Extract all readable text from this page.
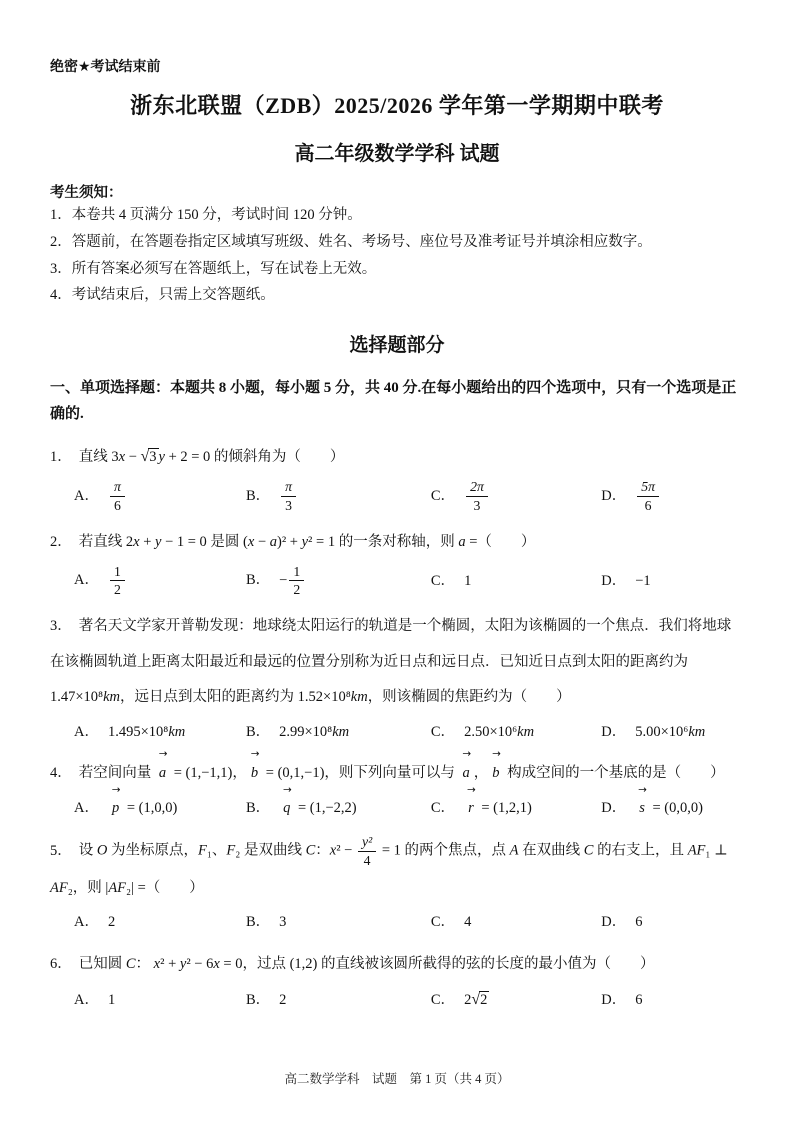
绝密★考试结束前
浙东北联盟（ZDB）2025/2026 学年第一学期期中联考
高二年级数学学科 试题
考生须知：
1．本卷共 4 页满分 150 分，考试时间 120 分钟。
2．答题前，在答题卷指定区域填写班级、姓名、考场号、座位号及准考证号并填涂相应数字。
3．所有答案必须写在答题纸上，写在试卷上无效。
4．考试结束后，只需上交答题纸。
选择题部分
一、单项选择题：本题共 8 小题，每小题 5 分，共 40 分.在每小题给出的四个选项中，只有一个选项是正确的.
1． 直线 3x − √3 y + 2 = 0 的倾斜角为（　　）
A． $\frac{\pi}{6}$	B． $\frac{\pi}{3}$	C． $\frac{2\pi}{3}$	D． $\frac{5\pi}{6}$
2． 若直线 2x + y − 1 = 0 是圆 (x − a)² + y² = 1 的一条对称轴，则 a =（　　）
A． $\frac{1}{2}$	B． − $\frac{1}{2}$	C． 1	D． −1
3． 著名天文学家开普勒发现：地球绕太阳运行的轨道是一个椭圆，太阳为该椭圆的一个焦点．我们将地球在该椭圆轨道上距离太阳最近和最远的位置分别称为近日点和远日点．已知近日点到太阳的距离约为 1.47×10⁸km，远日点到太阳的距离约为 1.52×10⁸km，则该椭圆的焦距约为（　　）
A． 1.495×10⁸km	B． 2.99×10⁸km	C． 2.50×10⁶km	D． 5.00×10⁶km
4． 若空间向量
→
a = (1,−1,1)，
→
b = (0,1,−1)，则下列向量可以与
→
a ，
→
b 构成空间的一个基底的是（　　）
A．
→
p = (1,0,0)	B．
→
q = (1,−2,2)	C．
→
r = (1,2,1)	D．
→
s = (0,0,0)
5． 设 O 为坐标原点，F₁、F₂ 是双曲线 C：$x^2 - \frac{\text{y²}}{4} = 1$ 的两个焦点，点 A 在双曲线 C 的右支上，且 AF₁ ⊥ AF₂，则 |AF₂| =（　　）
A． 2	B． 3	C． 4	D． 6
6． 已知圆 C： x² + y² − 6x = 0，过点 (1,2) 的直线被该圆所截得的弦的长度的最小值为（　　）
A． 1	B． 2	C． 2√2	D． 6
高二数学学科　试题　第 1 页（共 4 页）
